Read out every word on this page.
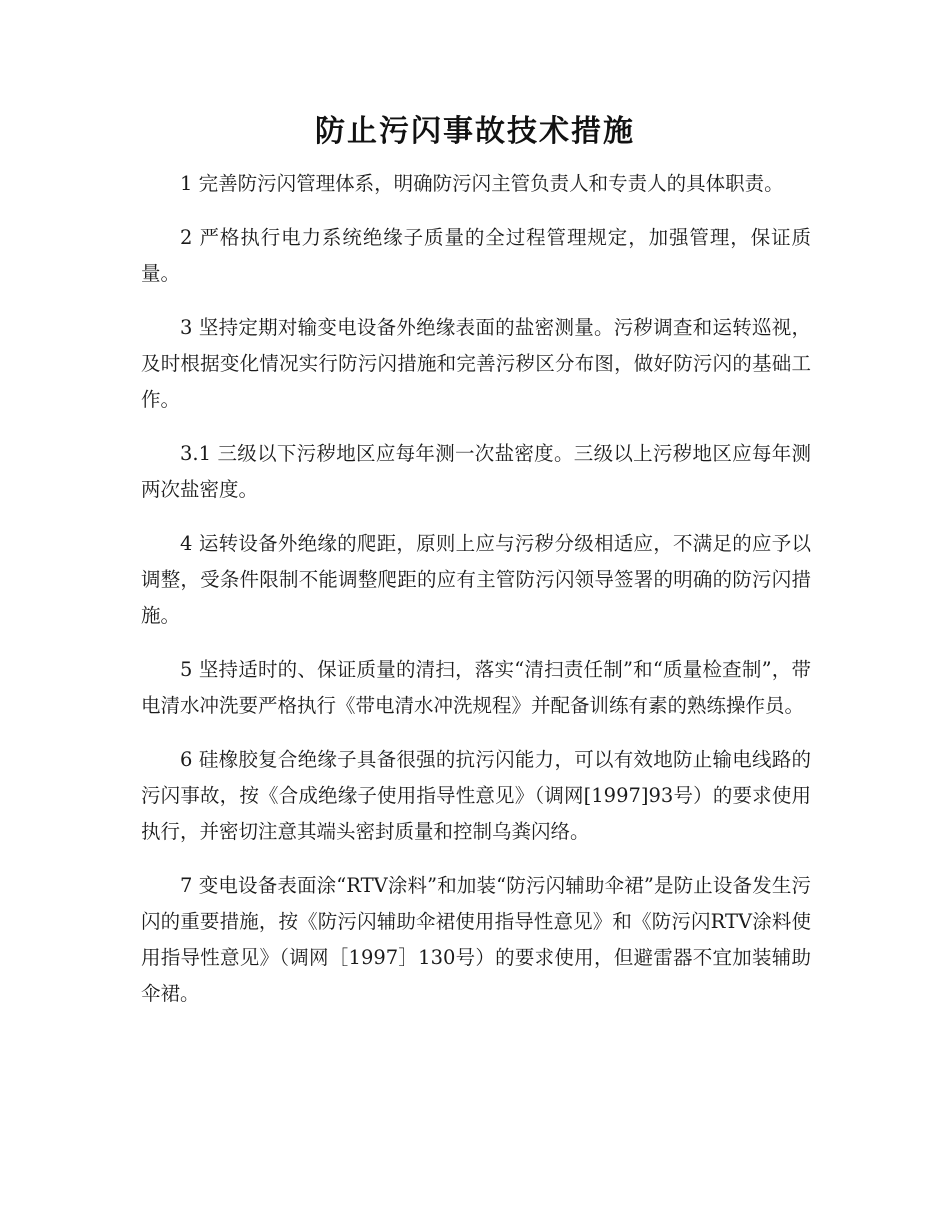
防止污闪事故技术措施

1 完善防污闪管理体系，明确防污闪主管负责人和专责人的具体职责。

2 严格执行电力系统绝缘子质量的全过程管理规定，加强管理，保证质量。

3 坚持定期对输变电设备外绝缘表面的盐密测量。污秽调查和运转巡视，及时根据变化情况实行防污闪措施和完善污秽区分布图，做好防污闪的基础工作。

3.1 三级以下污秽地区应每年测一次盐密度。三级以上污秽地区应每年测两次盐密度。

4 运转设备外绝缘的爬距，原则上应与污秽分级相适应，不满足的应予以调整，受条件限制不能调整爬距的应有主管防污闪领导签署的明确的防污闪措施。

5 坚持适时的、保证质量的清扫，落实“清扫责任制”和“质量检查制”，带电清水冲洗要严格执行《带电清水冲洗规程》并配备训练有素的熟练操作员。

6 硅橡胶复合绝缘子具备很强的抗污闪能力，可以有效地防止输电线路的污闪事故，按《合成绝缘子使用指导性意见》（调网[1997]93号）的要求使用执行，并密切注意其端头密封质量和控制乌粪闪络。

7 变电设备表面涂“RTV涂料”和加装“防污闪辅助伞裙”是防止设备发生污闪的重要措施，按《防污闪辅助伞裙使用指导性意见》和《防污闪RTV涂料使用指导性意见》（调网［1997］130号）的要求使用，但避雷器不宜加装辅助伞裙。
